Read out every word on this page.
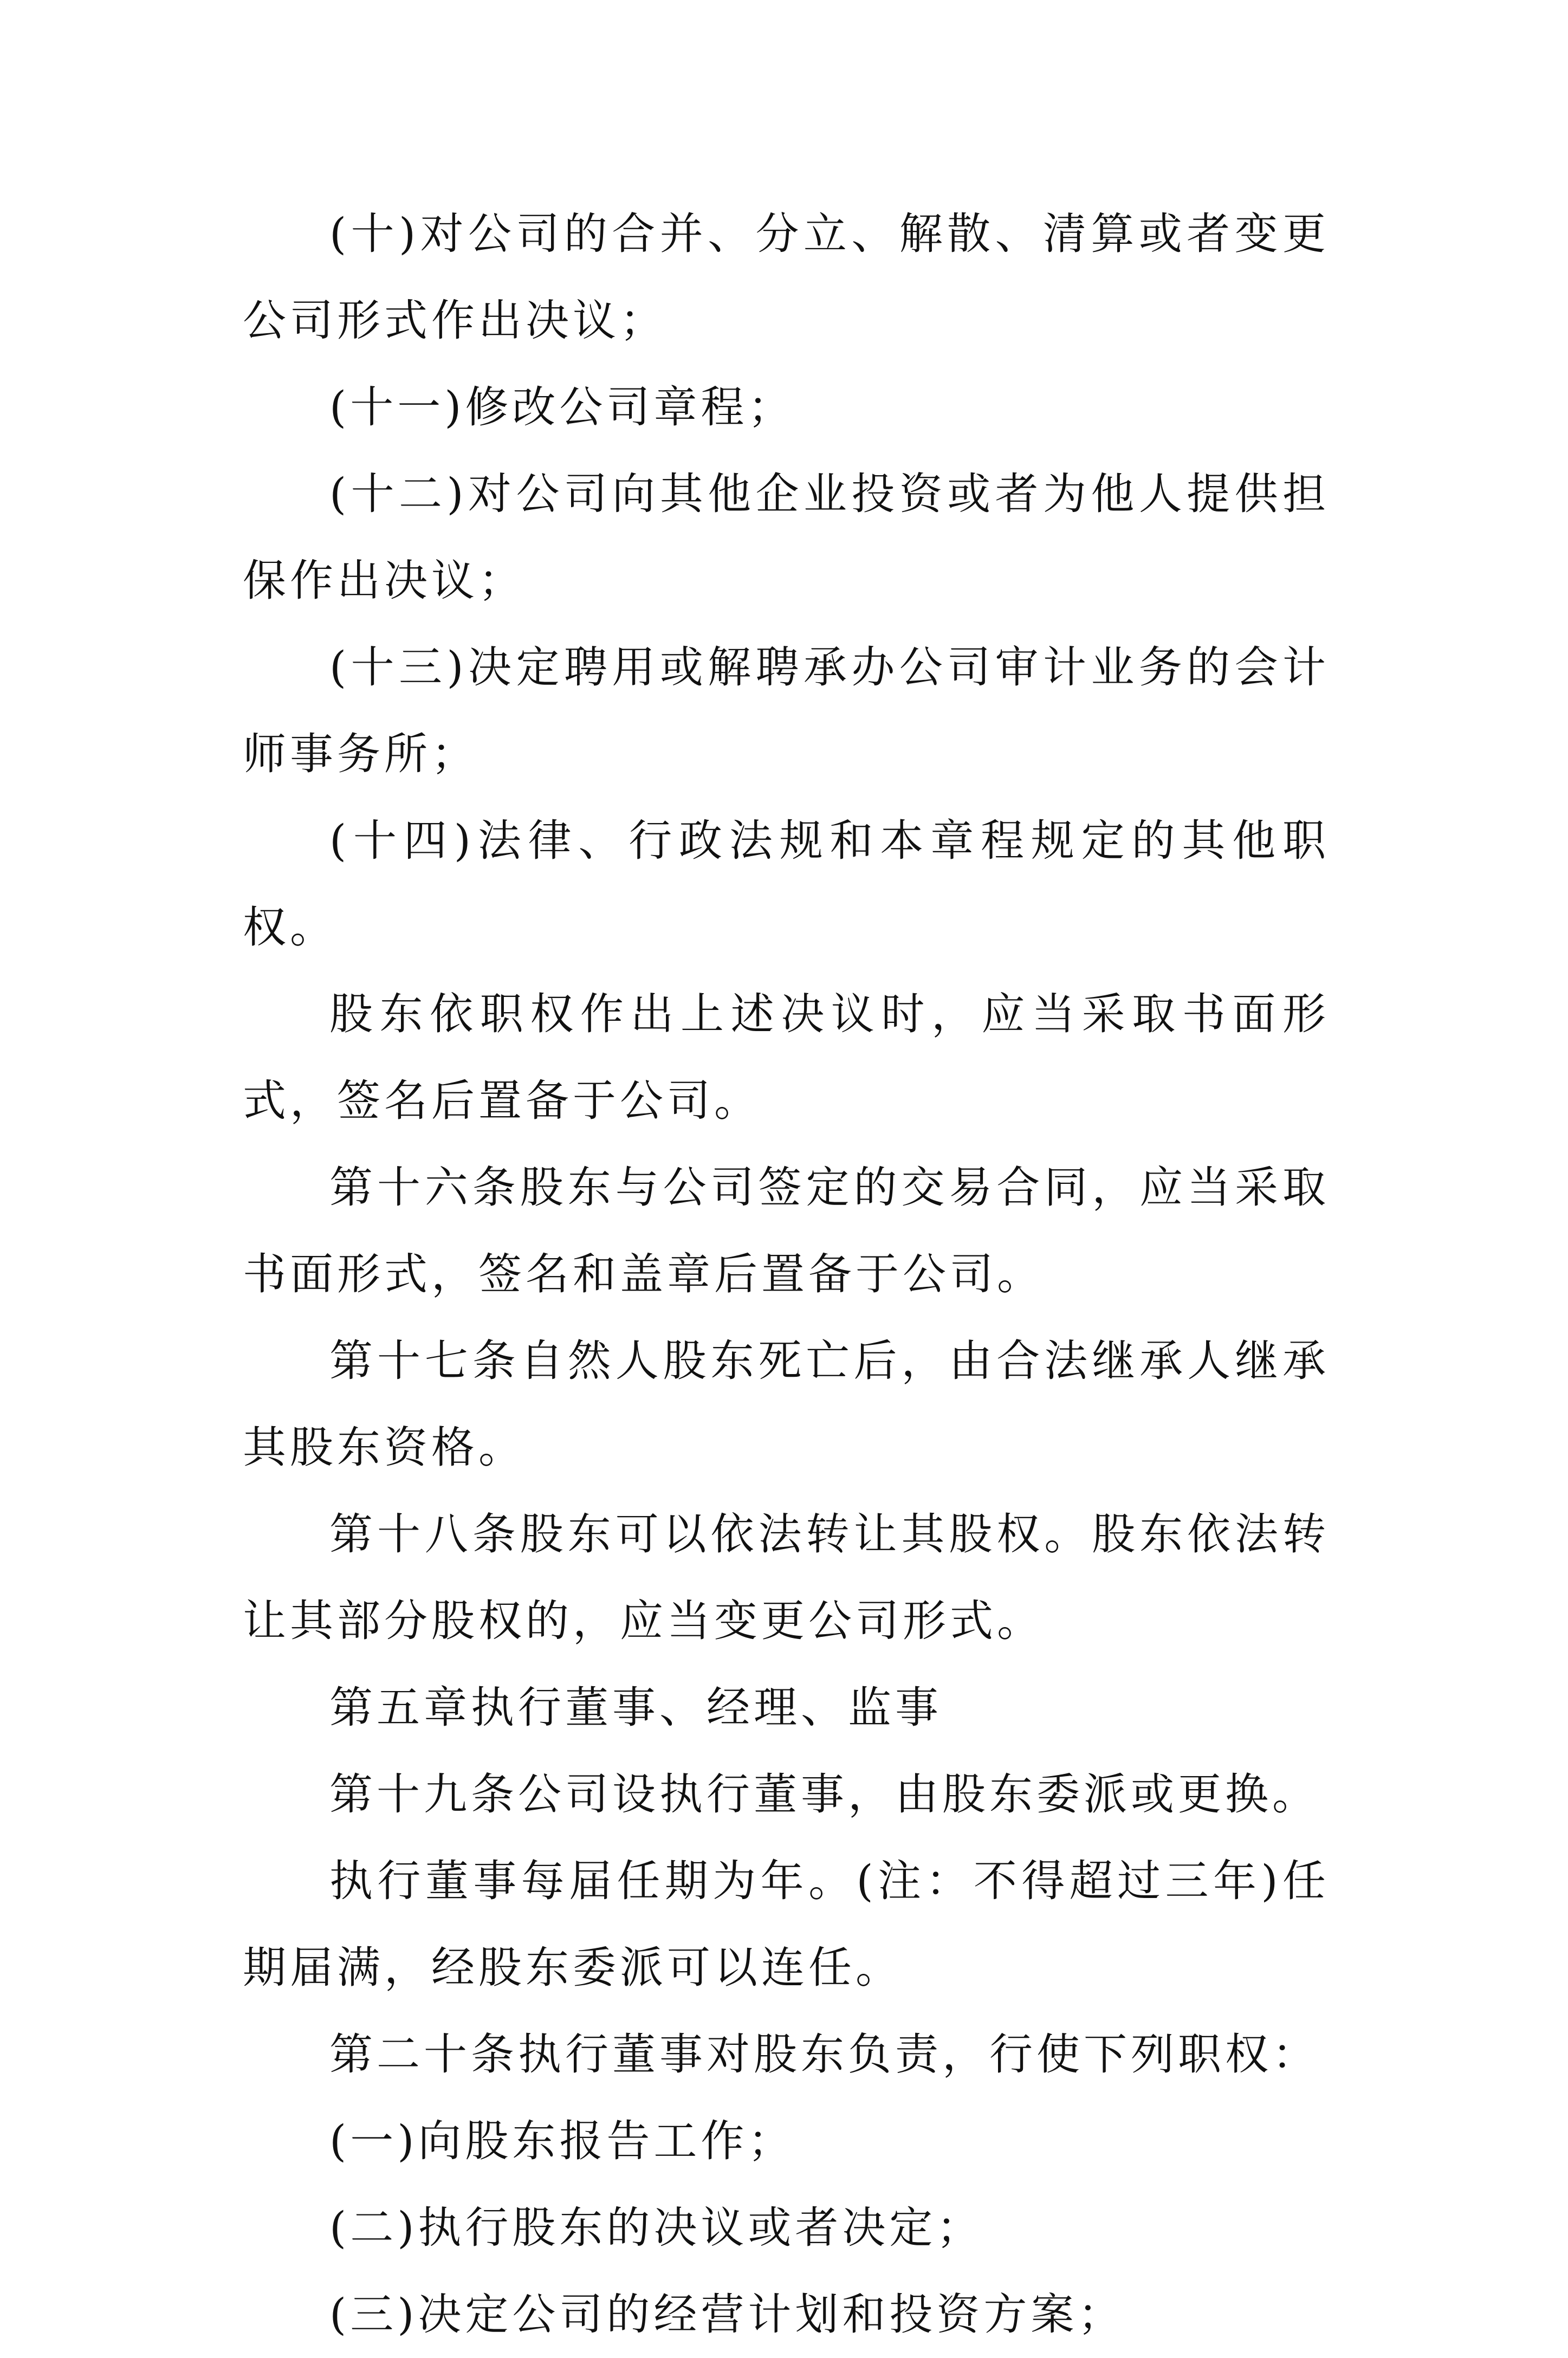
(十)对公司的合并、分立、解散、清算或者变更公司形式作出决议；

(十一)修改公司章程；

(十二)对公司向其他企业投资或者为他人提供担保作出决议；

(十三)决定聘用或解聘承办公司审计业务的会计师事务所；

(十四)法律、行政法规和本章程规定的其他职权。

股东依职权作出上述决议时，应当采取书面形式，签名后置备于公司。

第十六条股东与公司签定的交易合同，应当采取书面形式，签名和盖章后置备于公司。

第十七条自然人股东死亡后，由合法继承人继承其股东资格。

第十八条股东可以依法转让其股权。股东依法转让其部分股权的，应当变更公司形式。

第五章执行董事、经理、监事

第十九条公司设执行董事，由股东委派或更换。

执行董事每届任期为年。(注：不得超过三年)任期届满，经股东委派可以连任。

第二十条执行董事对股东负责，行使下列职权：

(一)向股东报告工作；

(二)执行股东的决议或者决定；

(三)决定公司的经营计划和投资方案；
